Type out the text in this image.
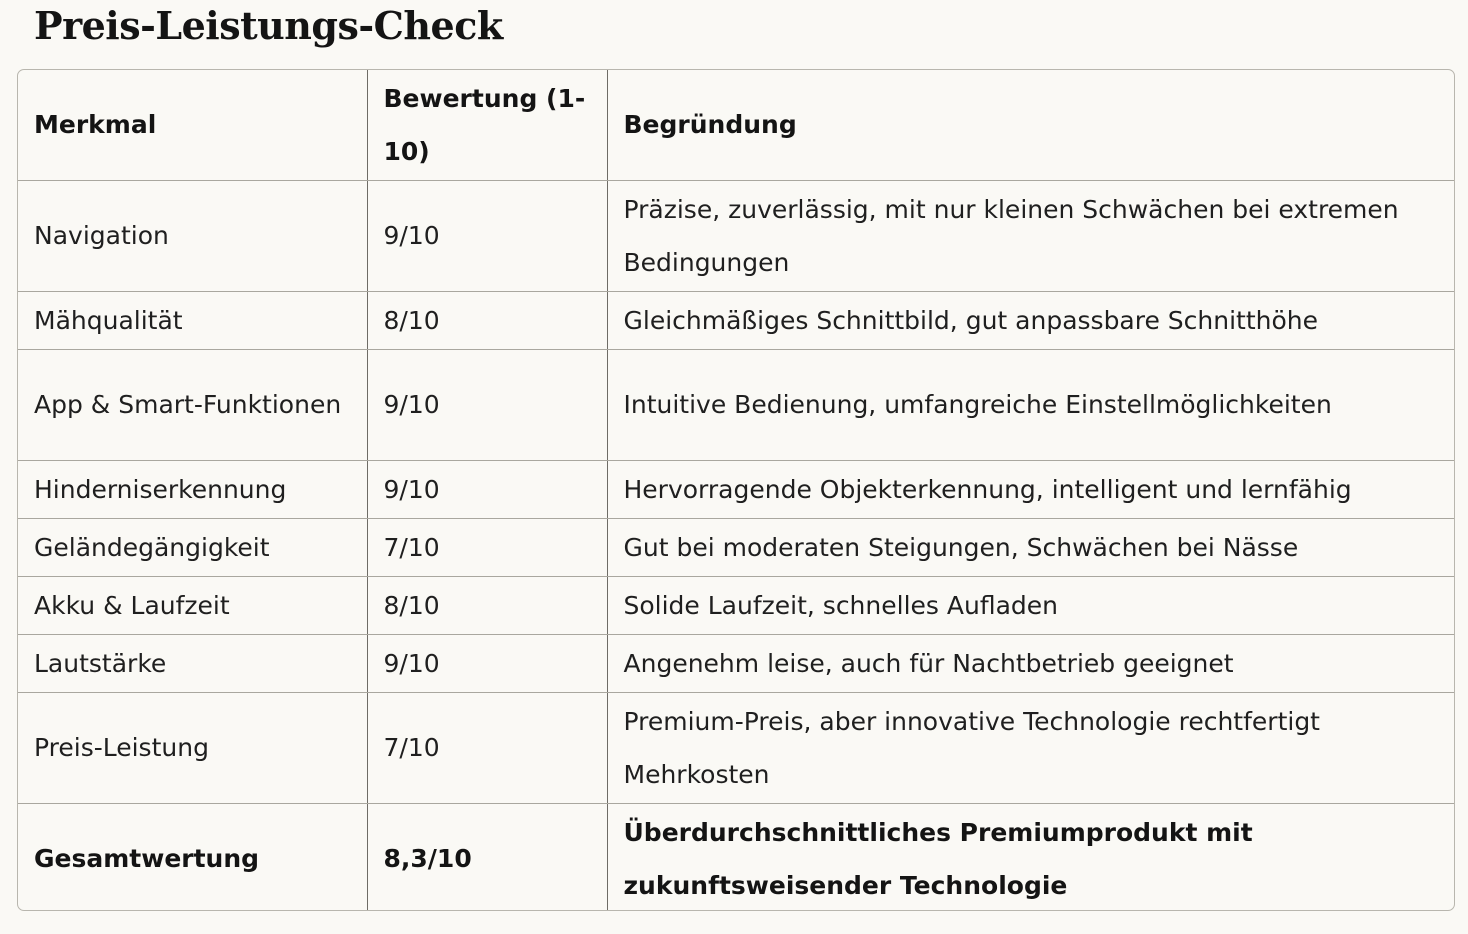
Preis-Leistungs-Check
Merkmal	Bewertung (1-10)	Begründung
Navigation	9/10	Präzise, zuverlässig, mit nur kleinen Schwächen bei extremen Bedingungen
Mähqualität	8/10	Gleichmäßiges Schnittbild, gut anpassbare Schnitthöhe
App & Smart-Funktionen	9/10	Intuitive Bedienung, umfangreiche Einstellmöglichkeiten
Hinderniserkennung	9/10	Hervorragende Objekterkennung, intelligent und lernfähig
Geländegängigkeit	7/10	Gut bei moderaten Steigungen, Schwächen bei Nässe
Akku & Laufzeit	8/10	Solide Laufzeit, schnelles Aufladen
Lautstärke	9/10	Angenehm leise, auch für Nachtbetrieb geeignet
Preis-Leistung	7/10	Premium-Preis, aber innovative Technologie rechtfertigt Mehrkosten
Gesamtwertung	8,3/10	Überdurchschnittliches Premiumprodukt mit zukunftsweisender Technologie
